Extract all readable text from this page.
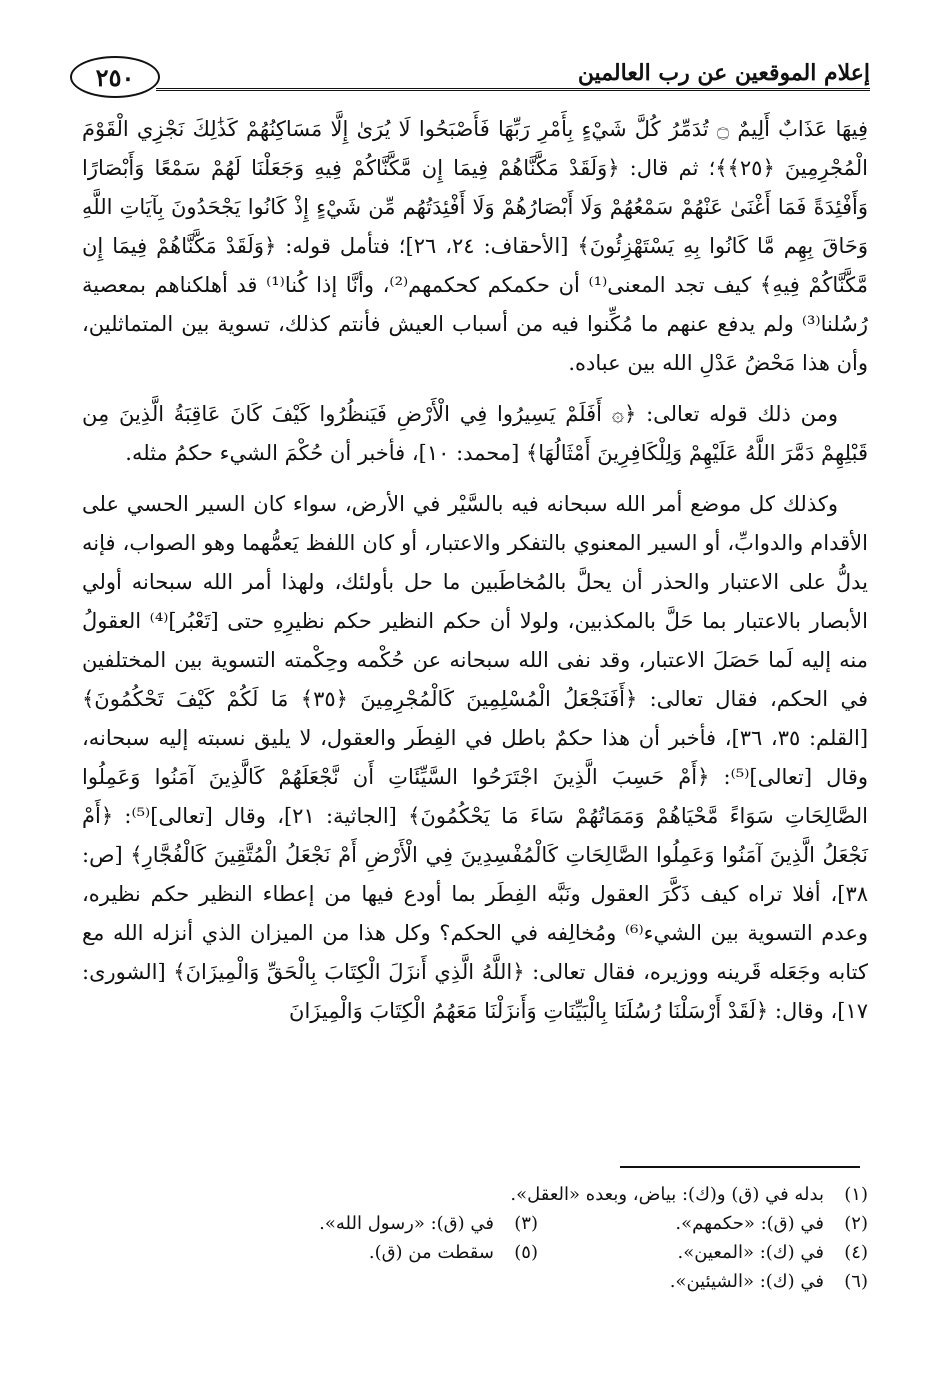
٢٥٠	إعلام الموقعين عن رب العالمين

فِيهَا عَذَابٌ أَلِيمٌ ۝ تُدَمِّرُ كُلَّ شَيْءٍ بِأَمْرِ رَبِّهَا فَأَصْبَحُوا لَا يُرَىٰ إِلَّا مَسَاكِنُهُمْ كَذَٰلِكَ نَجْزِي الْقَوْمَ الْمُجْرِمِينَ ﴿٢٥﴾﴾؛ ثم قال: ﴿وَلَقَدْ مَكَّنَّاهُمْ فِيمَا إِن مَّكَّنَّاكُمْ فِيهِ وَجَعَلْنَا لَهُمْ سَمْعًا وَأَبْصَارًا وَأَفْئِدَةً فَمَا أَغْنَىٰ عَنْهُمْ سَمْعُهُمْ وَلَا أَبْصَارُهُمْ وَلَا أَفْئِدَتُهُم مِّن شَيْءٍ إِذْ كَانُوا يَجْحَدُونَ بِآيَاتِ اللَّهِ وَحَاقَ بِهِم مَّا كَانُوا بِهِ يَسْتَهْزِئُونَ﴾ [الأحقاف: ٢٤، ٢٦]؛ فتأمل قوله: ﴿وَلَقَدْ مَكَّنَّاهُمْ فِيمَا إِن مَّكَّنَّاكُمْ فِيهِ﴾ كيف تجد المعنى⁽¹⁾ أن حكمكم كحكمهم⁽²⁾، وأنَّا إذا كُنا⁽¹⁾ قد أهلكناهم بمعصية رُسُلنا⁽³⁾ ولم يدفع عنهم ما مُكِّنوا فيه من أسباب العيش فأنتم كذلك، تسوية بين المتماثلين، وأن هذا مَحْضُ عَدْلِ الله بين عباده.

ومن ذلك قوله تعالى: ﴿۞ أَفَلَمْ يَسِيرُوا فِي الْأَرْضِ فَيَنظُرُوا كَيْفَ كَانَ عَاقِبَةُ الَّذِينَ مِن قَبْلِهِمْ دَمَّرَ اللَّهُ عَلَيْهِمْ وَلِلْكَافِرِينَ أَمْثَالُهَا﴾ [محمد: ١٠]، فأخبر أن حُكْمَ الشيء حكمُ مثله.

وكذلك كل موضع أمر الله سبحانه فيه بالسَّيْر في الأرض، سواء كان السير الحسي على الأقدام والدوابِّ، أو السير المعنوي بالتفكر والاعتبار، أو كان اللفظ يَعمُّهما وهو الصواب، فإنه يدلُّ على الاعتبار والحذر أن يحلَّ بالمُخاطَبين ما حل بأولئك، ولهذا أمر الله سبحانه أولي الأبصار بالاعتبار بما حَلَّ بالمكذبين، ولولا أن حكم النظير حكم نظيرِهِ حتى [تَعْبُر]⁽⁴⁾ العقولُ منه إليه لَما حَصَلَ الاعتبار، وقد نفى الله سبحانه عن حُكْمه وحِكْمته التسوية بين المختلفين في الحكم، فقال تعالى: ﴿أَفَنَجْعَلُ الْمُسْلِمِينَ كَالْمُجْرِمِينَ ﴿٣٥﴾ مَا لَكُمْ كَيْفَ تَحْكُمُونَ﴾ [القلم: ٣٥، ٣٦]، فأخبر أن هذا حكمٌ باطل في الفِطَر والعقول، لا يليق نسبته إليه سبحانه، وقال [تعالى]⁽⁵⁾: ﴿أَمْ حَسِبَ الَّذِينَ اجْتَرَحُوا السَّيِّئَاتِ أَن نَّجْعَلَهُمْ كَالَّذِينَ آمَنُوا وَعَمِلُوا الصَّالِحَاتِ سَوَاءً مَّحْيَاهُمْ وَمَمَاتُهُمْ سَاءَ مَا يَحْكُمُونَ﴾ [الجاثية: ٢١]، وقال [تعالى]⁽⁵⁾: ﴿أَمْ نَجْعَلُ الَّذِينَ آمَنُوا وَعَمِلُوا الصَّالِحَاتِ كَالْمُفْسِدِينَ فِي الْأَرْضِ أَمْ نَجْعَلُ الْمُتَّقِينَ كَالْفُجَّارِ﴾ [ص: ٣٨]، أفلا تراه كيف ذَكَّرَ العقول ونَبَّه الفِطَر بما أودع فيها من إعطاء النظير حكم نظيره، وعدم التسوية بين الشيء⁽⁶⁾ ومُخالِفه في الحكم؟ وكل هذا من الميزان الذي أنزله الله مع كتابه وجَعَله قَرينه ووزيره، فقال تعالى: ﴿اللَّهُ الَّذِي أَنزَلَ الْكِتَابَ بِالْحَقِّ وَالْمِيزَانَ﴾ [الشورى: ١٧]، وقال: ﴿لَقَدْ أَرْسَلْنَا رُسُلَنَا بِالْبَيِّنَاتِ وَأَنزَلْنَا مَعَهُمُ الْكِتَابَ وَالْمِيزَانَ

(١)
بدله في (ق) و(ك): بياض، وبعده «العقل».
(٢)
في (ق): «حكمهم».
(٣)
في (ق): «رسول الله».
(٤)
في (ك): «المعين».
(٥)
سقطت من (ق).
(٦)
في (ك): «الشيئين».
